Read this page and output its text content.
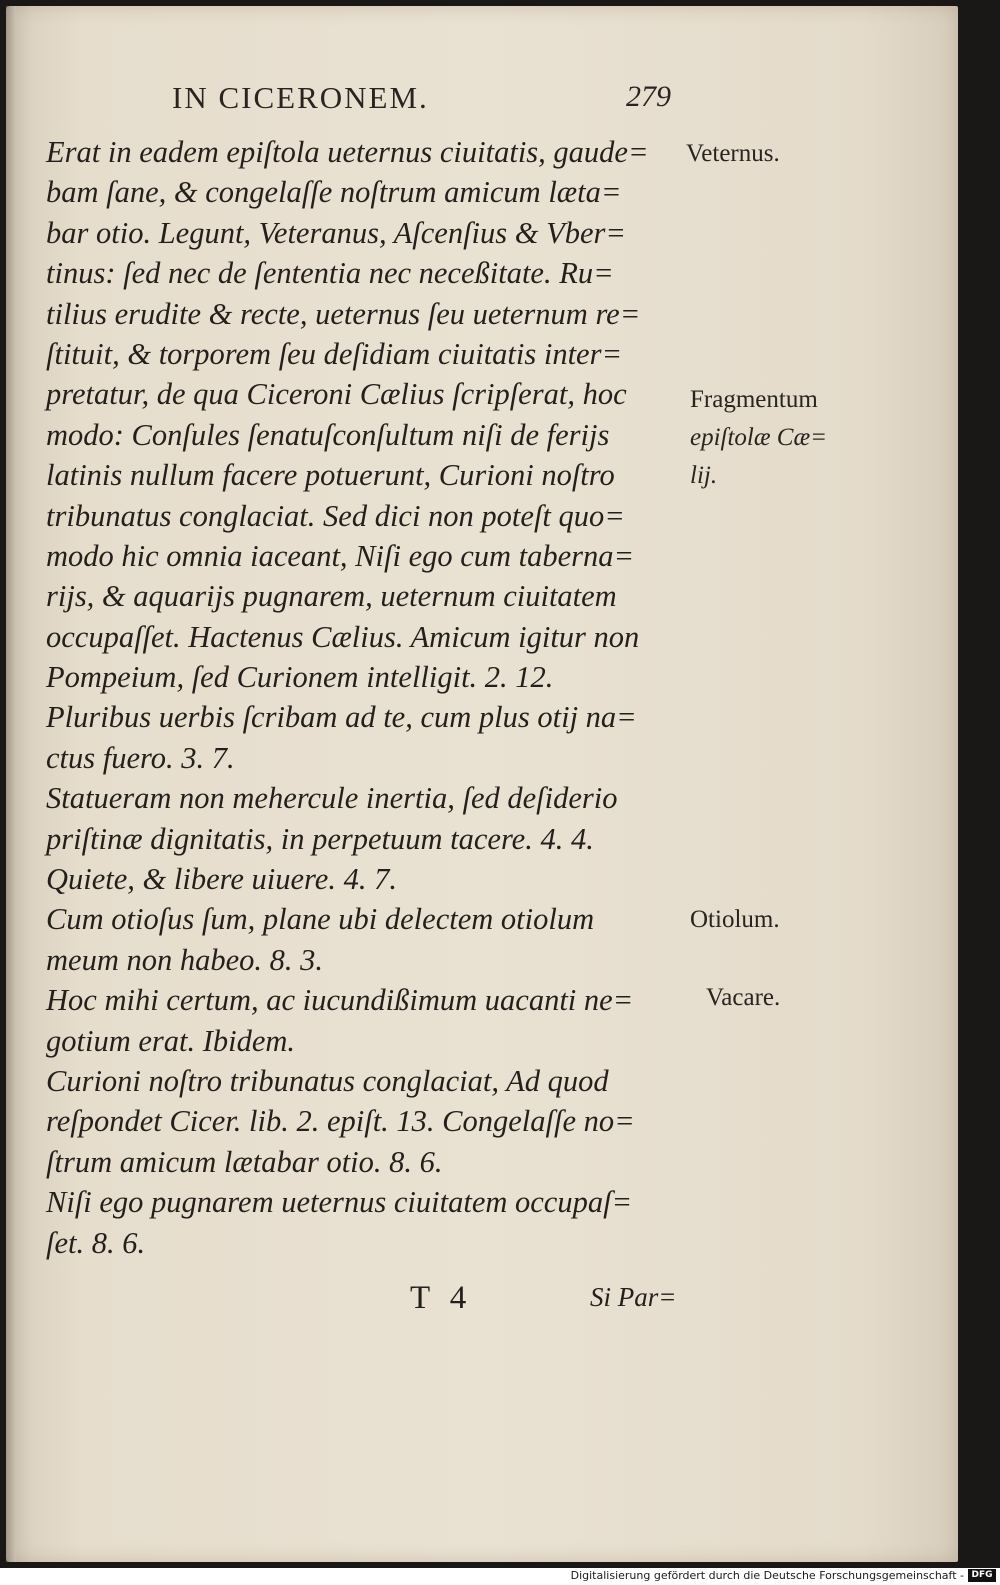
IN CICERONEM.	279
Erat in eadem epiſtola ueternus ciuitatis, gaude=
bam ſane, & congelaſſe noſtrum amicum læta=
bar otio. Legunt, Veteranus, Aſcenſius & Vber=
tinus: ſed nec de ſententia nec neceßitate. Ru=
tilius erudite & recte, ueternus ſeu ueternum re=
ſtituit, & torporem ſeu deſidiam ciuitatis inter=
pretatur, de qua Ciceroni Cælius ſcripſerat, hoc
modo: Conſules ſenatuſconſultum niſi de ferijs
latinis nullum facere potuerunt, Curioni noſtro
tribunatus conglaciat. Sed dici non poteſt quo=
modo hic omnia iaceant, Niſi ego cum taberna=
rijs, & aquarijs pugnarem, ueternum ciuitatem
occupaſſet. Hactenus Cælius. Amicum igitur non
Pompeium, ſed Curionem intelligit. 2. 12.
Pluribus uerbis ſcribam ad te, cum plus otij na=
ctus fuero. 3. 7.
Statueram non mehercule inertia, ſed deſiderio
priſtinæ dignitatis, in perpetuum tacere. 4. 4.
Quiete, & libere uiuere. 4. 7.
Cum otioſus ſum, plane ubi delectem otiolum
meum non habeo. 8. 3.
Hoc mihi certum, ac iucundißimum uacanti ne=
gotium erat. Ibidem.
Curioni noſtro tribunatus conglaciat, Ad quod
reſpondet Cicer. lib. 2. epiſt. 13. Congelaſſe no=
ſtrum amicum lætabar otio. 8. 6.
Niſi ego pugnarem ueternus ciuitatem occupaſ=
ſet. 8. 6.
Veternus.
Fragmentum
epiſtolæ Cæ=
lij.
Otiolum.
Vacare.
T 4	Si Par=
Digitalisierung gefördert durch die Deutsche Forschungsgemeinschaft - DFG
